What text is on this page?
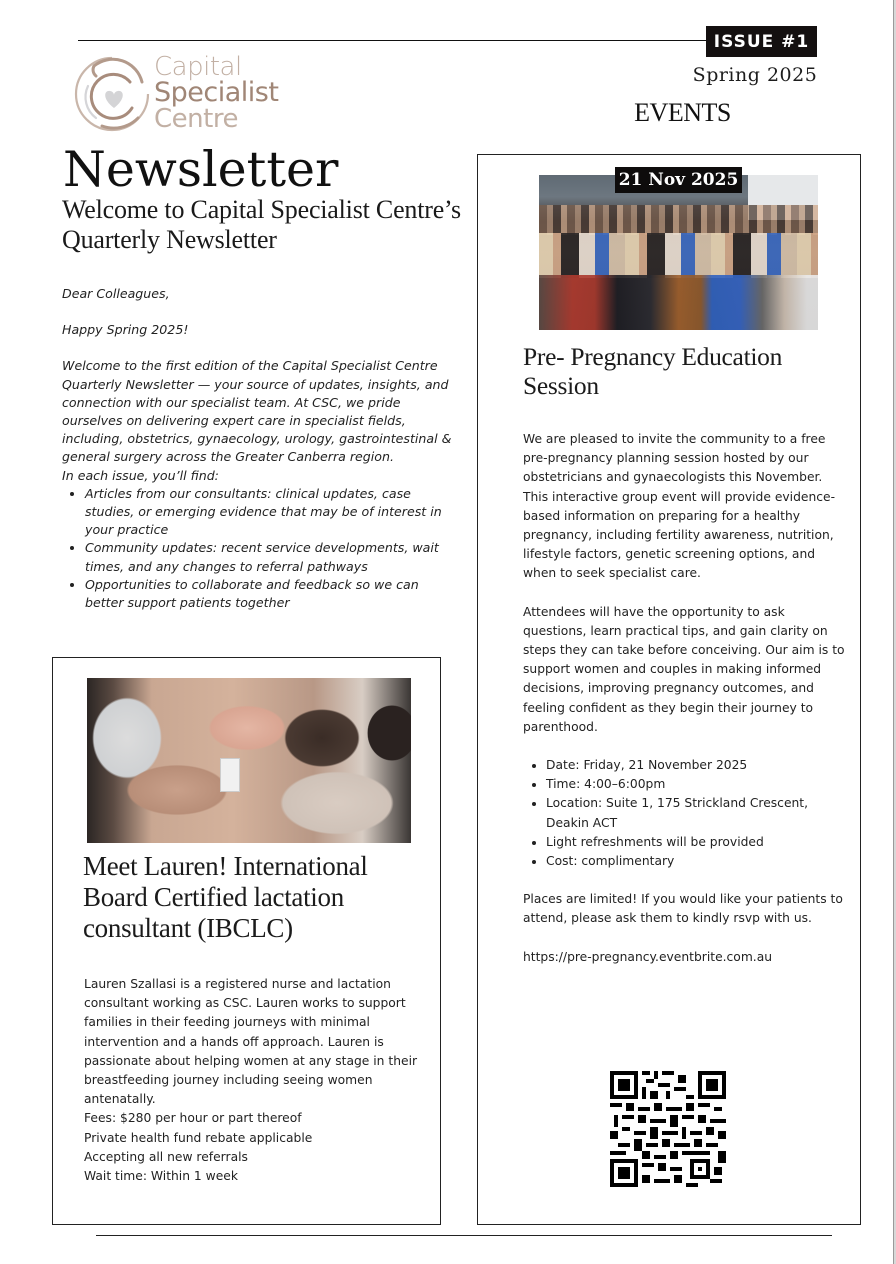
ISSUE #1
Spring 2025
EVENTS
Capital
Specialist
Centre
Newsletter
Welcome to Capital Specialist Centre’s Quarterly Newsletter

Dear Colleagues,

Happy Spring 2025!

Welcome to the first edition of the Capital Specialist Centre Quarterly Newsletter — your source of updates, insights, and connection with our specialist team. At CSC, we pride ourselves on delivering expert care in specialist fields, including, obstetrics, gynaecology, urology, gastrointestinal & general surgery across the Greater Canberra region.

In each issue, you’ll find:

• Articles from our consultants: clinical updates, case studies, or emerging evidence that may be of interest in your practice
• Community updates: recent service developments, wait times, and any changes to referral pathways
• Opportunities to collaborate and feedback so we can better support patients together
Meet Lauren! International Board Certified lactation consultant (IBCLC)

Lauren Szallasi is a registered nurse and lactation consultant working as CSC. Lauren works to support families in their feeding journeys with minimal intervention and a hands off approach. Lauren is passionate about helping women at any stage in their breastfeeding journey including seeing women antenatally.

Fees: $280 per hour or part thereof

Private health fund rebate applicable

Accepting all new referrals

Wait time: Within 1 week

21 Nov 2025
Pre- Pregnancy Education Session

We are pleased to invite the community to a free pre-pregnancy planning session hosted by our obstetricians and gynaecologists this November. This interactive group event will provide evidence-based information on preparing for a healthy pregnancy, including fertility awareness, nutrition, lifestyle factors, genetic screening options, and when to seek specialist care.

Attendees will have the opportunity to ask questions, learn practical tips, and gain clarity on steps they can take before conceiving. Our aim is to support women and couples in making informed decisions, improving pregnancy outcomes, and feeling confident as they begin their journey to parenthood.

• Date: Friday, 21 November 2025
• Time: 4:00–6:00pm
• Location: Suite 1, 175 Strickland Crescent, Deakin ACT
• Light refreshments will be provided
• Cost: complimentary

Places are limited! If you would like your patients to attend, please ask them to kindly rsvp with us.

https://pre-pregnancy.eventbrite.com.au
